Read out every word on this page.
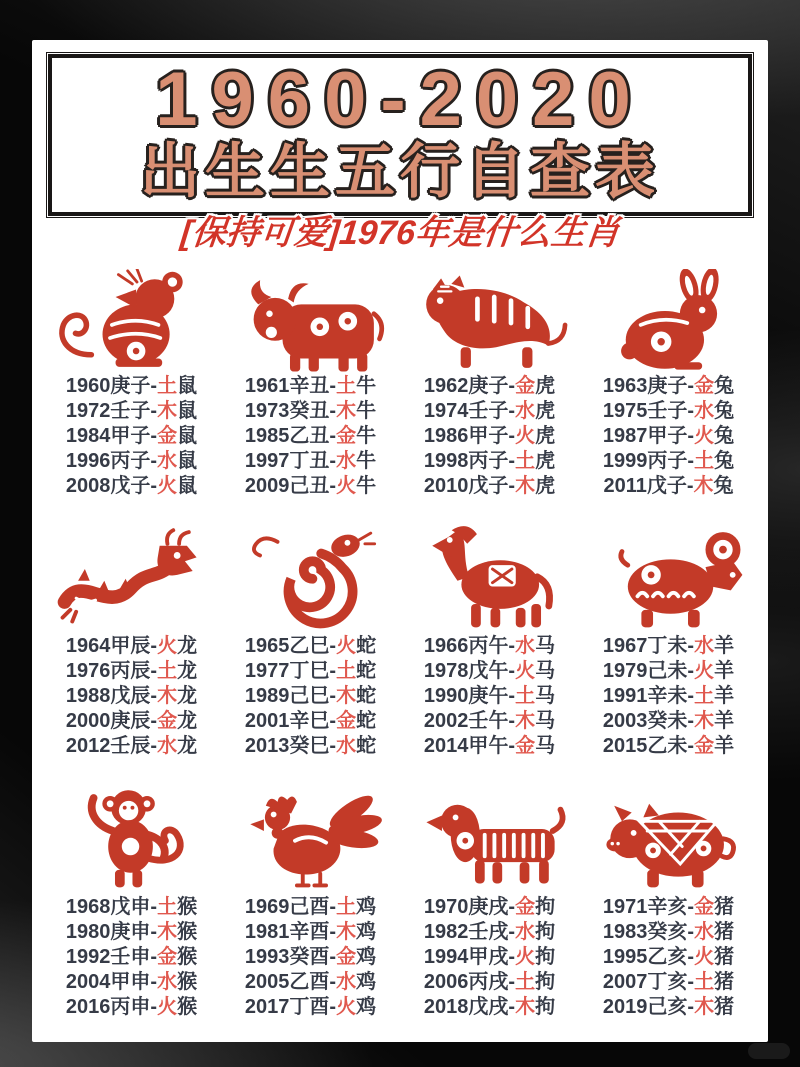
1960-2020
出生生五行自查表
[保持可爱]1976年是什么生肖
1960庚子-土鼠
1972壬子-木鼠
1984甲子-金鼠
1996丙子-水鼠
2008戊子-火鼠
1961辛丑-土牛
1973癸丑-木牛
1985乙丑-金牛
1997丁丑-水牛
2009己丑-火牛
1962庚子-金虎
1974壬子-水虎
1986甲子-火虎
1998丙子-土虎
2010戊子-木虎
1963庚子-金兔
1975壬子-水兔
1987甲子-火兔
1999丙子-土兔
2011戊子-木兔
1964甲辰-火龙
1976丙辰-土龙
1988戊辰-木龙
2000庚辰-金龙
2012壬辰-水龙
1965乙巳-火蛇
1977丁巳-土蛇
1989己巳-木蛇
2001辛巳-金蛇
2013癸巳-水蛇
1966丙午-水马
1978戊午-火马
1990庚午-土马
2002壬午-木马
2014甲午-金马
1967丁未-水羊
1979己未-火羊
1991辛未-土羊
2003癸未-木羊
2015乙未-金羊
1968戊申-土猴
1980庚申-木猴
1992壬申-金猴
2004甲申-水猴
2016丙申-火猴
1969己酉-土鸡
1981辛酉-木鸡
1993癸酉-金鸡
2005乙酉-水鸡
2017丁酉-火鸡
1970庚戌-金拘
1982壬戌-水拘
1994甲戌-火拘
2006丙戌-土拘
2018戊戌-木拘
1971辛亥-金猪
1983癸亥-水猪
1995乙亥-火猪
2007丁亥-土猪
2019己亥-木猪
